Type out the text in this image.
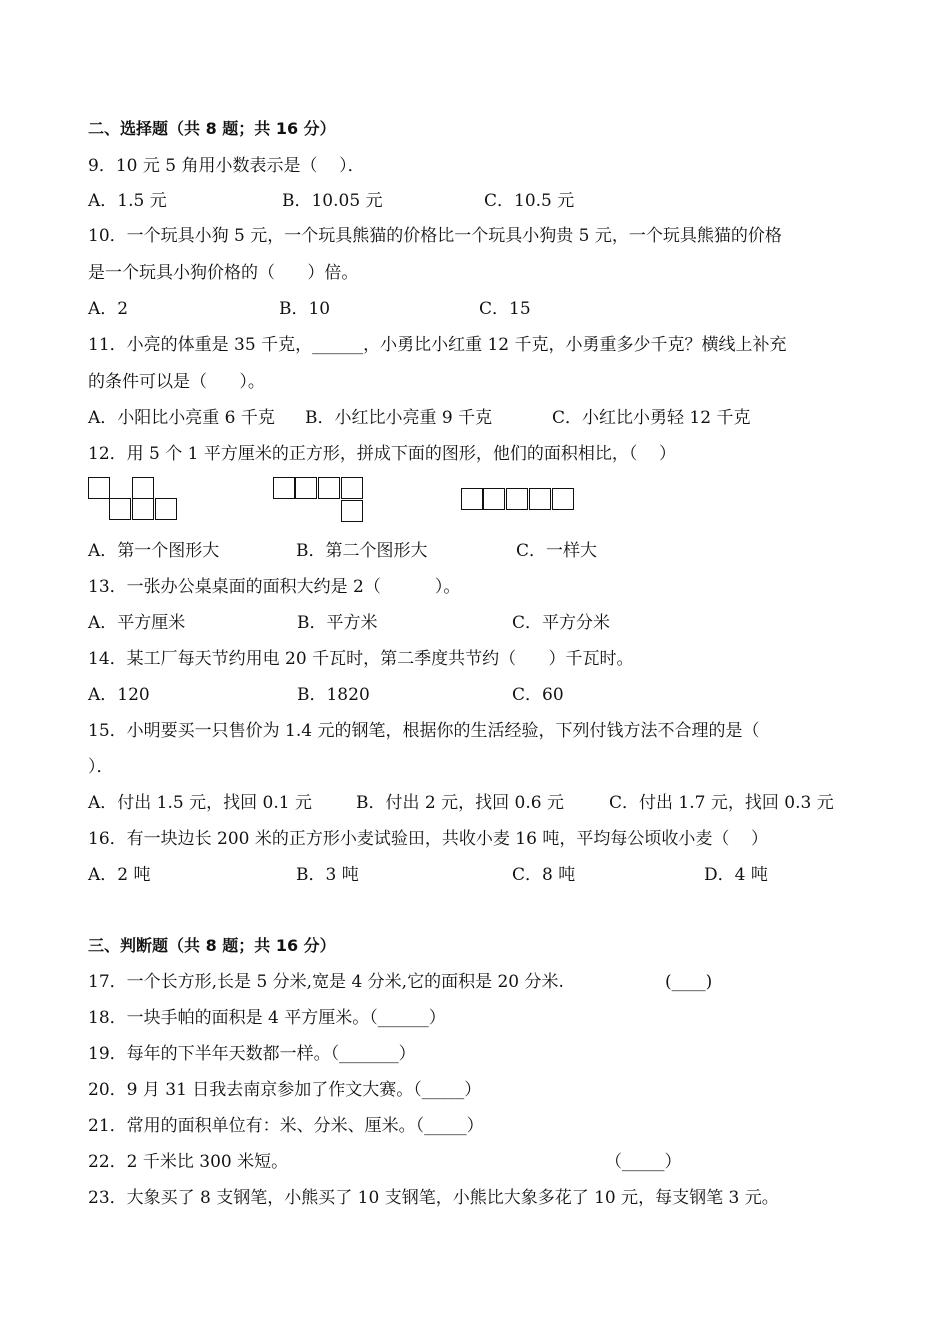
二、选择题（共 8 题；共 16 分）
9．10 元 5 角用小数表示是（    ）．
A．1.5 元	B．10.05 元	C．10.5 元
10．一个玩具小狗 5 元，一个玩具熊猫的价格比一个玩具小狗贵 5 元，一个玩具熊猫的价格
是一个玩具小狗价格的（      ）倍。
A．2	B．10	C．15
11．小亮的体重是 35 千克，______，小勇比小红重 12 千克，小勇重多少千克？横线上补充
的条件可以是（      ）。
A．小阳比小亮重 6 千克 B．小红比小亮重 9 千克	C．小红比小勇轻 12 千克
12．用 5 个 1 平方厘米的正方形，拼成下面的图形，他们的面积相比，（    ）
A．第一个图形大	B．第二个图形大	C．一样大
13．一张办公桌桌面的面积大约是 2（          ）。
A．平方厘米	B．平方米	C．平方分米
14．某工厂每天节约用电 20 千瓦时，第二季度共节约（      ）千瓦时。
A．120	B．1820	C．60
15．小明要买一只售价为 1.4 元的钢笔，根据你的生活经验，下列付钱方法不合理的是（
）．
A．付出 1.5 元，找回 0.1 元	B．付出 2 元，找回 0.6 元	C．付出 1.7 元，找回 0.3 元
16．有一块边长 200 米的正方形小麦试验田，共收小麦 16 吨，平均每公顷收小麦（    ）
A．2 吨	B．3 吨	C．8 吨	D．4 吨
三、判断题（共 8 题；共 16 分）
17．一个长方形,长是 5 分米,宽是 4 分米,它的面积是 20 分米.	(____)
18．一块手帕的面积是 4 平方厘米。（______）
19．每年的下半年天数都一样。（_______）
20．9 月 31 日我去南京参加了作文大赛。（_____）
21．常用的面积单位有：米、分米、厘米。（_____）
22．2 千米比 300 米短。	（_____）
23．大象买了 8 支钢笔，小熊买了 10 支钢笔，小熊比大象多花了 10 元，每支钢笔 3 元。
